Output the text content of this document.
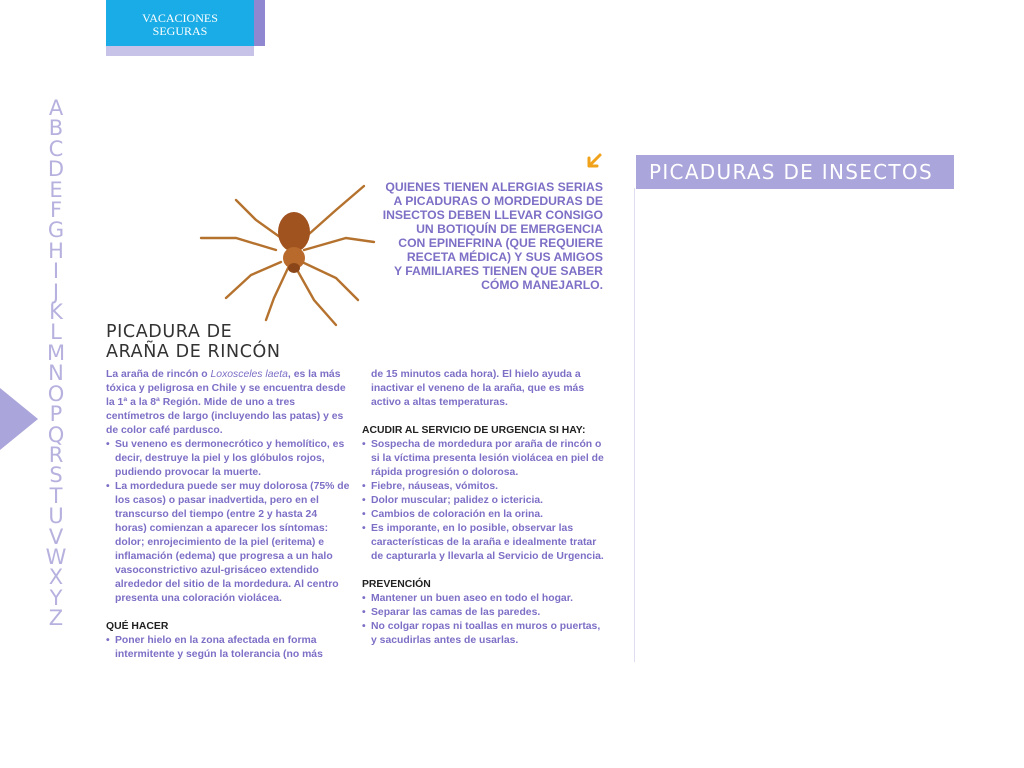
VACACIONES
SEGURAS
A
B
C
D
E
F
G
H
I
J
K
L
M
N
O
P
Q
R
S
T
U
V
W
X
Y
Z
QUIENES TIENEN ALERGIAS SERIAS
A PICADURAS O MORDEDURAS DE
INSECTOS DEBEN LLEVAR CONSIGO
UN BOTIQUÍN DE EMERGENCIA
CON EPINEFRINA (QUE REQUIERE
RECETA MÉDICA) Y SUS AMIGOS
Y FAMILIARES TIENEN QUE SABER
CÓMO MANEJARLO.
PICADURAS DE INSECTOS
PICADURA DE
ARAÑA DE RINCÓN

La araña de rincón o Loxosceles laeta, es la más tóxica y peligrosa en Chile y se encuentra desde la 1ª a la 8ª Región. Mide de uno a tres centímetros de largo (incluyendo las patas) y es de color café pardusco.

• Su veneno es dermonecrótico y hemolítico, es decir, destruye la piel y los glóbulos rojos, pudiendo provocar la muerte.
• La mordedura puede ser muy dolorosa (75% de los casos) o pasar inadvertida, pero en el transcurso del tiempo (entre 2 y hasta 24 horas) comienzan a aparecer los síntomas: dolor; enrojecimiento de la piel (eritema) e inflamación (edema) que progresa a un halo vasoconstrictivo azul-grisáceo extendido alrededor del sitio de la mordedura. Al centro presenta una coloración violácea.
QUÉ HACER
• Poner hielo en la zona afectada en forma intermitente y según la tolerancia (no más

de 15 minutos cada hora). El hielo ayuda a inactivar el veneno de la araña, que es más activo a altas temperaturas.

ACUDIR AL SERVICIO DE URGENCIA SI HAY:
• Sospecha de mordedura por araña de rincón o si la víctima presenta lesión violácea en piel de rápida progresión o dolorosa.
• Fiebre, náuseas, vómitos.
• Dolor muscular; palidez o ictericia.
• Cambios de coloración en la orina.
• Es imporante, en lo posible, observar las características de la araña e idealmente tratar de capturarla y llevarla al Servicio de Urgencia.
PREVENCIÓN
• Mantener un buen aseo en todo el hogar.
• Separar las camas de las paredes.
• No colgar ropas ni toallas en muros o puertas, y sacudirlas antes de usarlas.
